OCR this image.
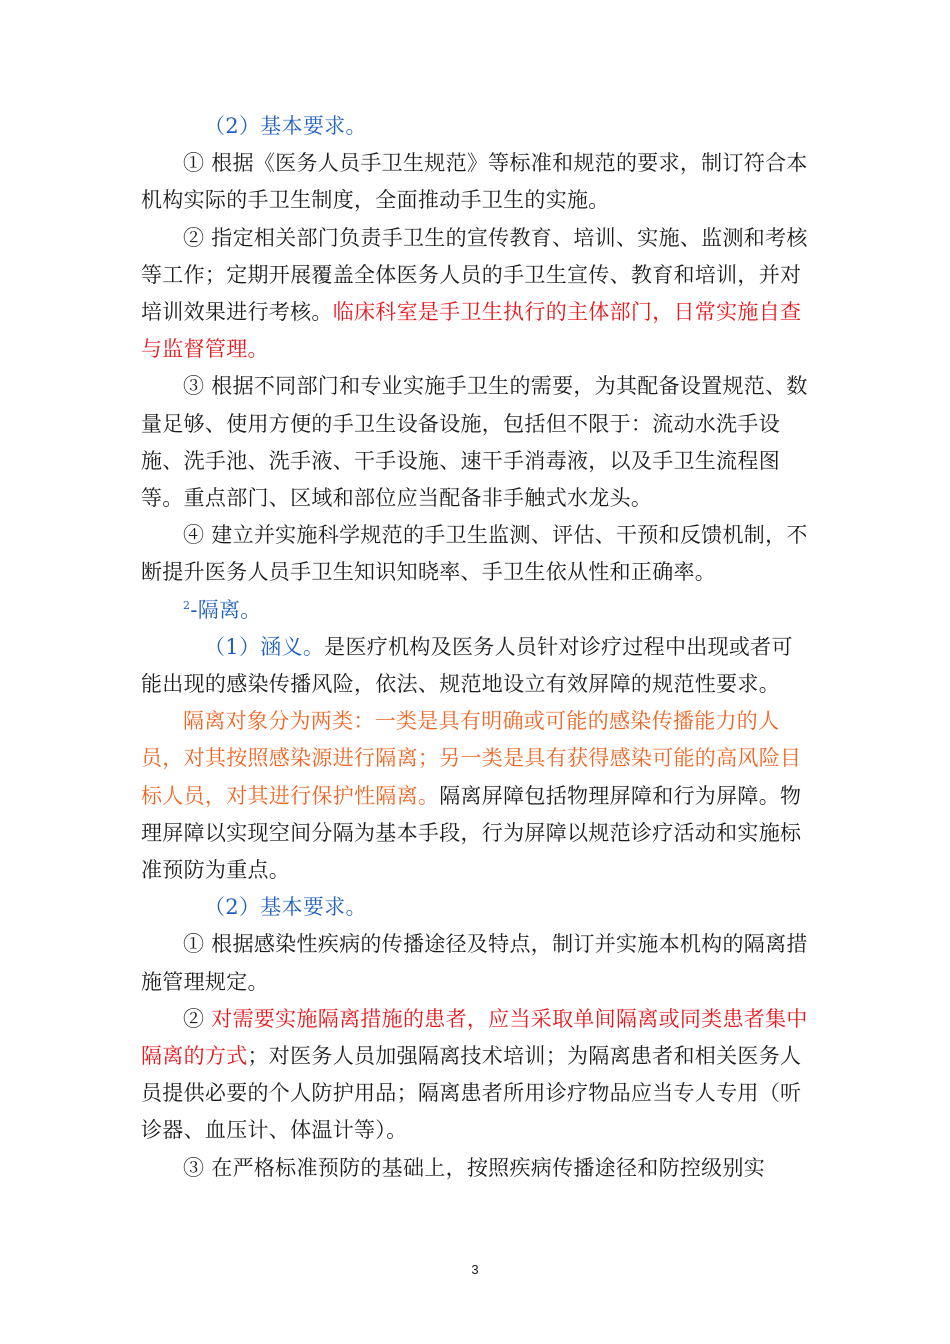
（2）基本要求。

① 根据《医务人员手卫生规范》等标准和规范的要求，制订符合本机构实际的手卫生制度，全面推动手卫生的实施。

② 指定相关部门负责手卫生的宣传教育、培训、实施、监测和考核等工作；定期开展覆盖全体医务人员的手卫生宣传、教育和培训，并对培训效果进行考核。临床科室是手卫生执行的主体部门，日常实施自查与监督管理。

③ 根据不同部门和专业实施手卫生的需要，为其配备设置规范、数量足够、使用方便的手卫生设备设施，包括但不限于：流动水洗手设施、洗手池、洗手液、干手设施、速干手消毒液，以及手卫生流程图等。重点部门、区域和部位应当配备非手触式水龙头。

④ 建立并实施科学规范的手卫生监测、评估、干预和反馈机制，不断提升医务人员手卫生知识知晓率、手卫生依从性和正确率。

$^2$-隔离。

（1）涵义。是医疗机构及医务人员针对诊疗过程中出现或者可能出现的感染传播风险，依法、规范地设立有效屏障的规范性要求。

隔离对象分为两类：一类是具有明确或可能的感染传播能力的人员，对其按照感染源进行隔离；另一类是具有获得感染可能的高风险目标人员，对其进行保护性隔离。隔离屏障包括物理屏障和行为屏障。物理屏障以实现空间分隔为基本手段，行为屏障以规范诊疗活动和实施标准预防为重点。

（2）基本要求。

① 根据感染性疾病的传播途径及特点，制订并实施本机构的隔离措施管理规定。

② 对需要实施隔离措施的患者，应当采取单间隔离或同类患者集中隔离的方式；对医务人员加强隔离技术培训；为隔离患者和相关医务人员提供必要的个人防护用品；隔离患者所用诊疗物品应当专人专用（听诊器、血压计、体温计等）。

③ 在严格标准预防的基础上，按照疾病传播途径和防控级别实

3
